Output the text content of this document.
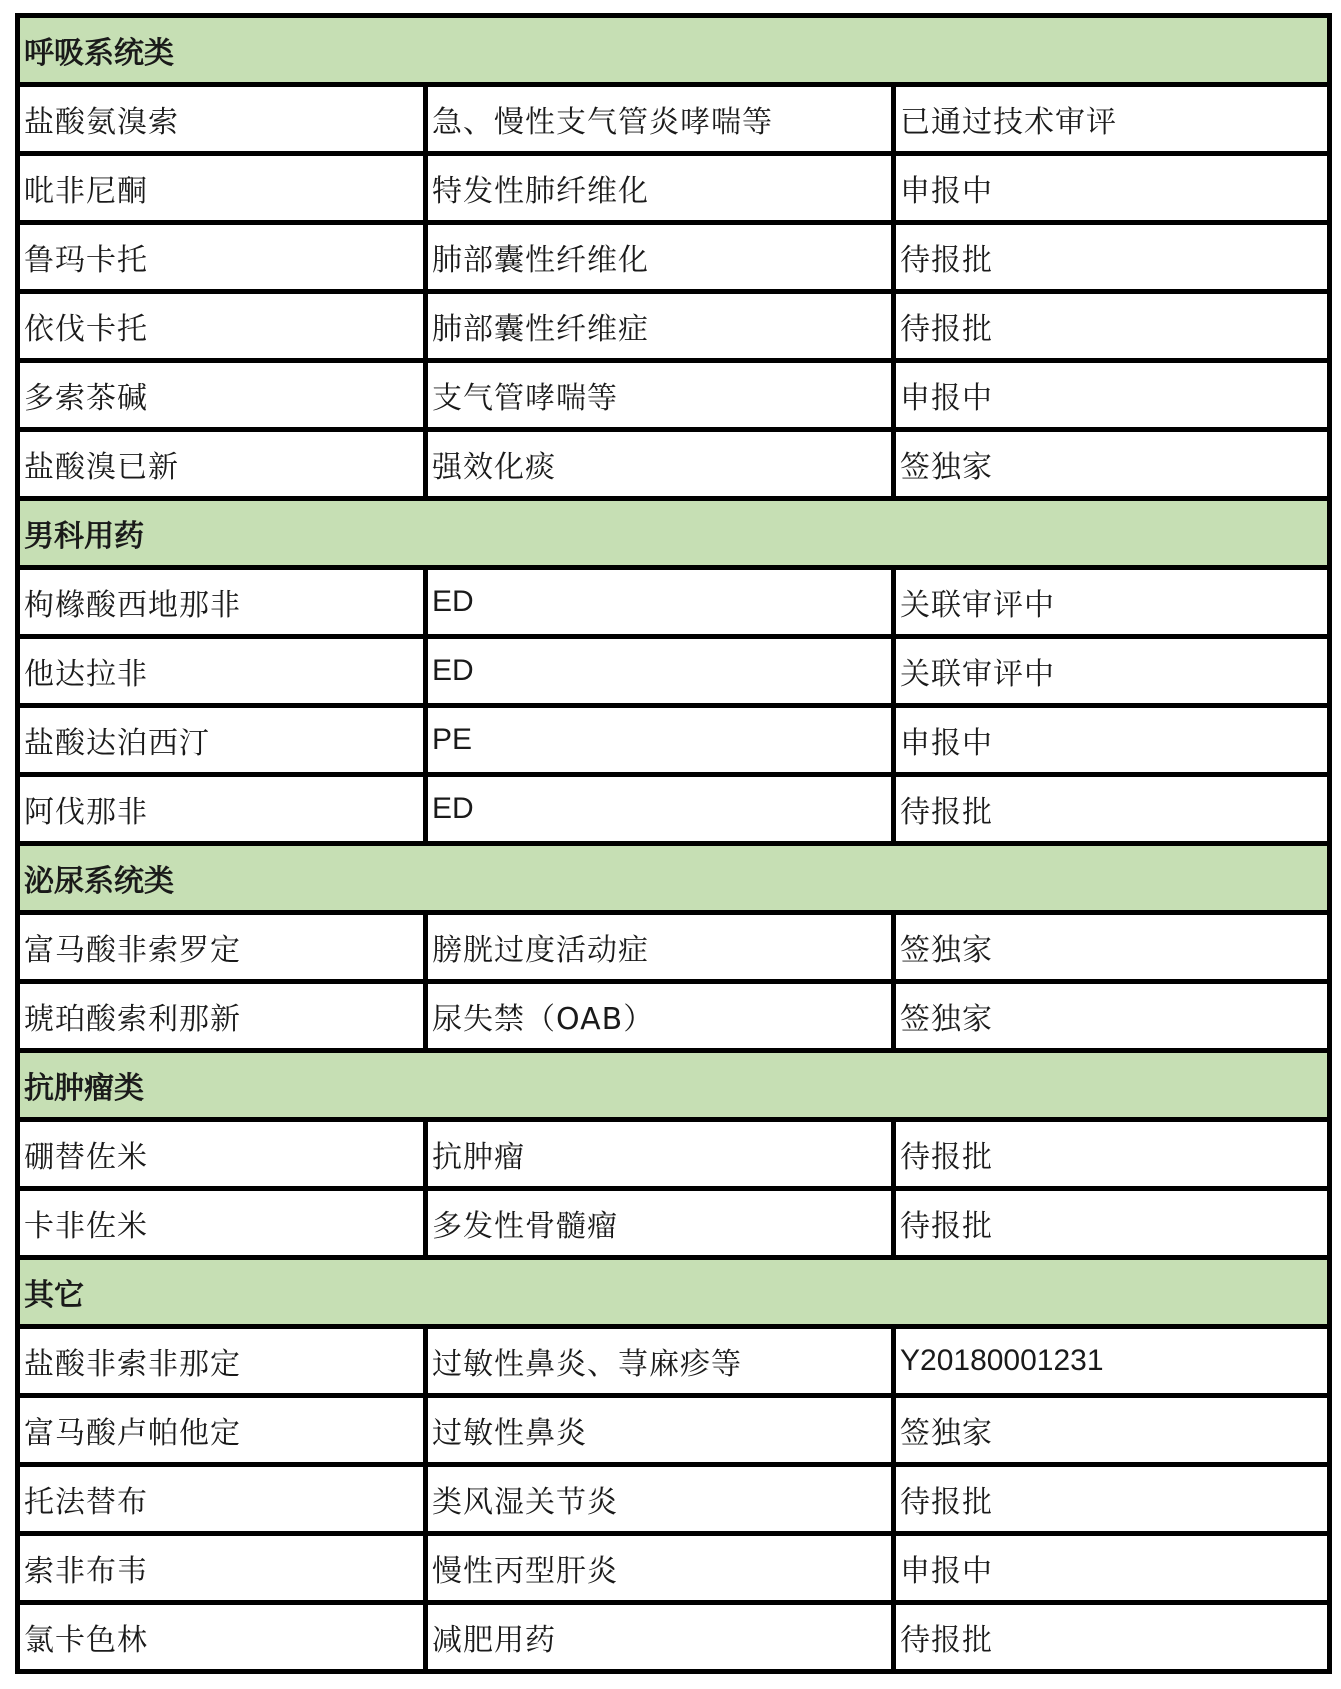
呼吸系统类
盐酸氨溴索	急、慢性支气管炎哮喘等	已通过技术审评
吡非尼酮	特发性肺纤维化	申报中
鲁玛卡托	肺部囊性纤维化	待报批
依伐卡托	肺部囊性纤维症	待报批
多索茶碱	支气管哮喘等	申报中
盐酸溴已新	强效化痰	签独家
男科用药
枸橼酸西地那非	ED	关联审评中
他达拉非	ED	关联审评中
盐酸达泊西汀	PE	申报中
阿伐那非	ED	待报批
泌尿系统类
富马酸非索罗定	膀胱过度活动症	签独家
琥珀酸索利那新	尿失禁（OAB）	签独家
抗肿瘤类
硼替佐米	抗肿瘤	待报批
卡非佐米	多发性骨髓瘤	待报批
其它
盐酸非索非那定	过敏性鼻炎、荨麻疹等	Y20180001231
富马酸卢帕他定	过敏性鼻炎	签独家
托法替布	类风湿关节炎	待报批
索非布韦	慢性丙型肝炎	申报中
氯卡色林	减肥用药	待报批
